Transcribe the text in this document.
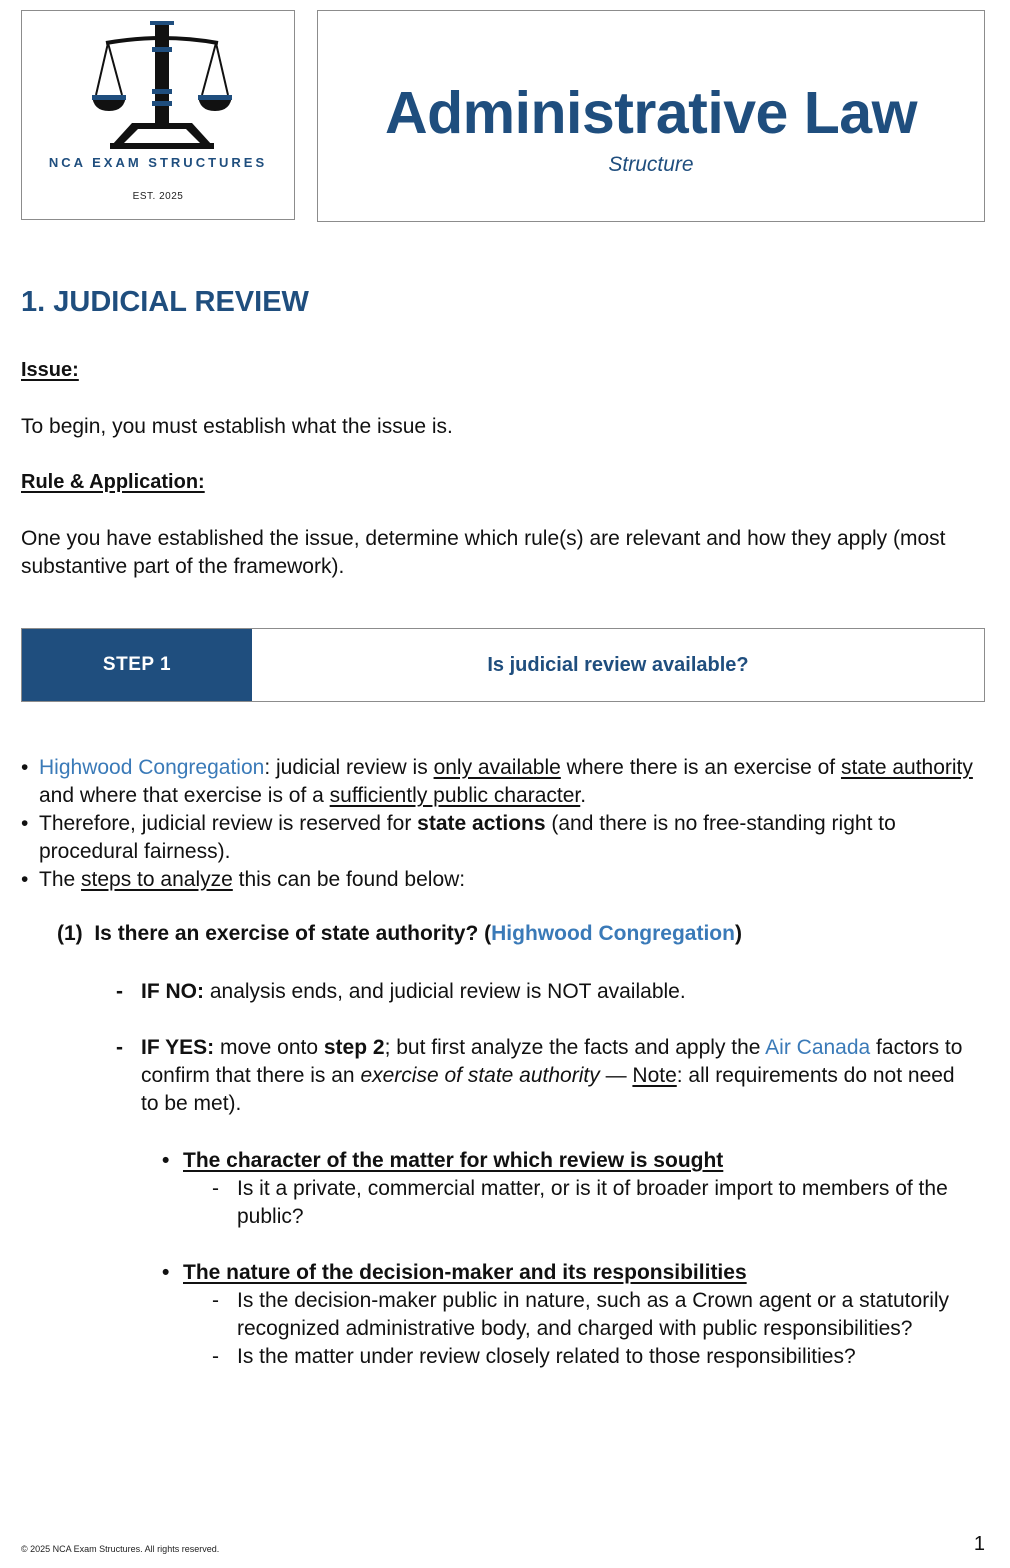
NCA EXAM STRUCTURES
EST. 2025
Administrative Law
Structure
1. JUDICIAL REVIEW
Issue:
To begin, you must establish what the issue is.
Rule & Application:
One you have established the issue, determine which rule(s) are relevant and how they apply (most substantive part of the framework).
STEP 1	Is judicial review available?
• Highwood Congregation: judicial review is only available where there is an exercise of state authority and where that exercise is of a sufficiently public character.
• Therefore, judicial review is reserved for state actions (and there is no free-standing right to procedural fairness).
• The steps to analyze this can be found below:
(1) Is there an exercise of state authority? (Highwood Congregation)
- IF NO: analysis ends, and judicial review is NOT available.
- IF YES: move onto step 2; but first analyze the facts and apply the Air Canada factors to confirm that there is an exercise of state authority — Note: all requirements do not need to be met).
• The character of the matter for which review is sought
- Is it a private, commercial matter, or is it of broader import to members of the public?
• The nature of the decision-maker and its responsibilities
- Is the decision-maker public in nature, such as a Crown agent or a statutorily recognized administrative body, and charged with public responsibilities?
- Is the matter under review closely related to those responsibilities?
© 2025 NCA Exam Structures. All rights reserved.	1
